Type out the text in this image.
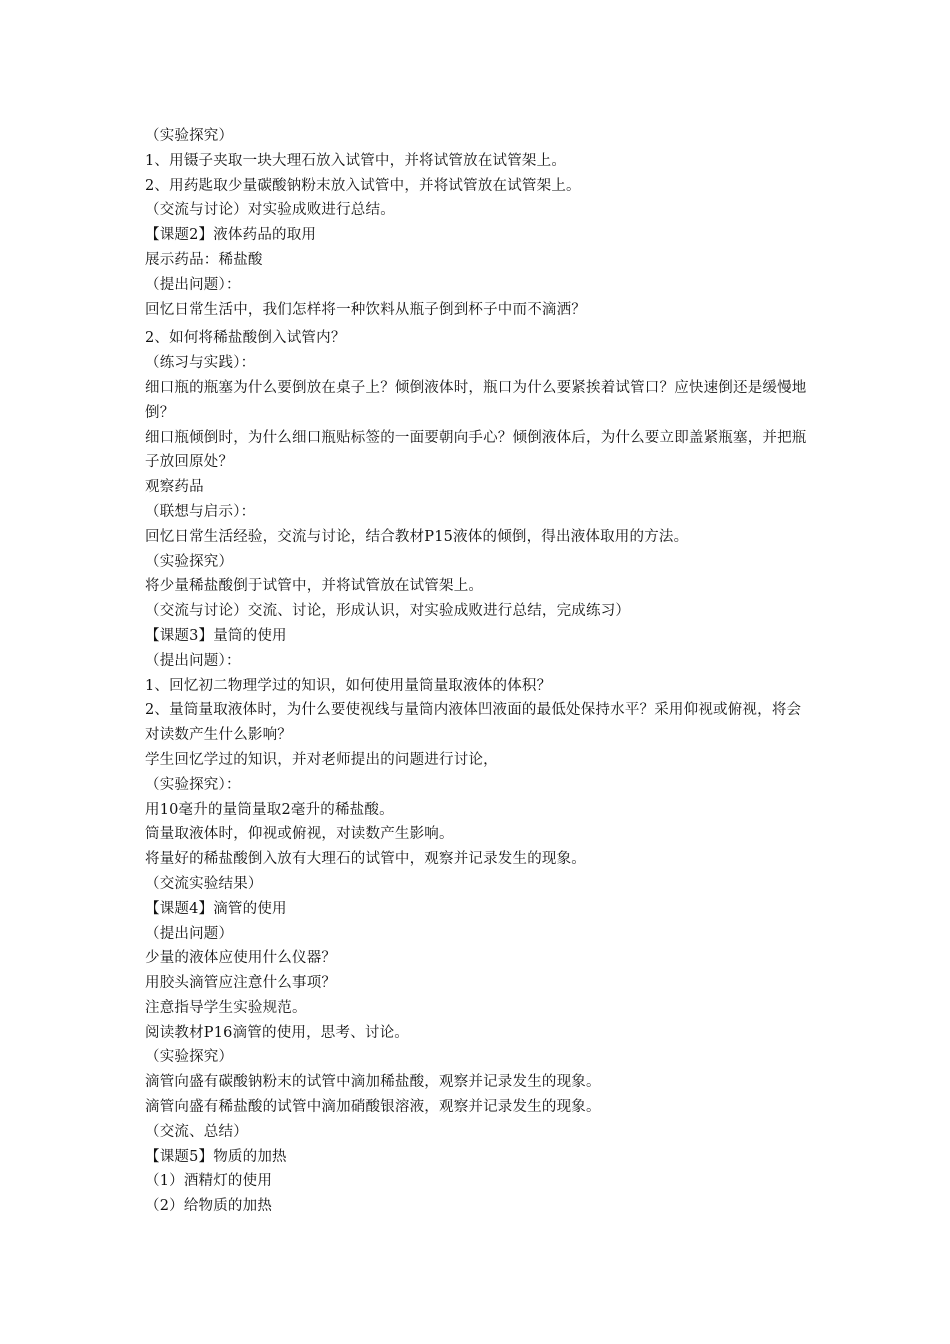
（实验探究）
1、用镊子夹取一块大理石放入试管中，并将试管放在试管架上。
2、用药匙取少量碳酸钠粉末放入试管中，并将试管放在试管架上。
（交流与讨论）对实验成败进行总结。
【课题2】液体药品的取用
展示药品：稀盐酸
（提出问题）：
回忆日常生活中，我们怎样将一种饮料从瓶子倒到杯子中而不滴洒？
2、如何将稀盐酸倒入试管内？
（练习与实践）：
细口瓶的瓶塞为什么要倒放在桌子上？倾倒液体时，瓶口为什么要紧挨着试管口？应快速倒还是缓慢地倒？
细口瓶倾倒时，为什么细口瓶贴标签的一面要朝向手心？倾倒液体后，为什么要立即盖紧瓶塞，并把瓶子放回原处？
观察药品
（联想与启示）：
回忆日常生活经验，交流与讨论，结合教材P15液体的倾倒，得出液体取用的方法。
（实验探究）
将少量稀盐酸倒于试管中，并将试管放在试管架上。
（交流与讨论）交流、讨论，形成认识，对实验成败进行总结，完成练习）
【课题3】量筒的使用
（提出问题）：
1、回忆初二物理学过的知识，如何使用量筒量取液体的体积？
2、量筒量取液体时，为什么要使视线与量筒内液体凹液面的最低处保持水平？采用仰视或俯视，将会对读数产生什么影响？
学生回忆学过的知识，并对老师提出的问题进行讨论，
（实验探究）：
用10毫升的量筒量取2毫升的稀盐酸。
筒量取液体时，仰视或俯视，对读数产生影响。
将量好的稀盐酸倒入放有大理石的试管中，观察并记录发生的现象。
（交流实验结果）
【课题4】滴管的使用
（提出问题）
少量的液体应使用什么仪器？
用胶头滴管应注意什么事项？
注意指导学生实验规范。
阅读教材P16滴管的使用，思考、讨论。
（实验探究）
滴管向盛有碳酸钠粉末的试管中滴加稀盐酸，观察并记录发生的现象。
滴管向盛有稀盐酸的试管中滴加硝酸银溶液，观察并记录发生的现象。
（交流、总结）
【课题5】物质的加热
（1）酒精灯的使用
（2）给物质的加热
